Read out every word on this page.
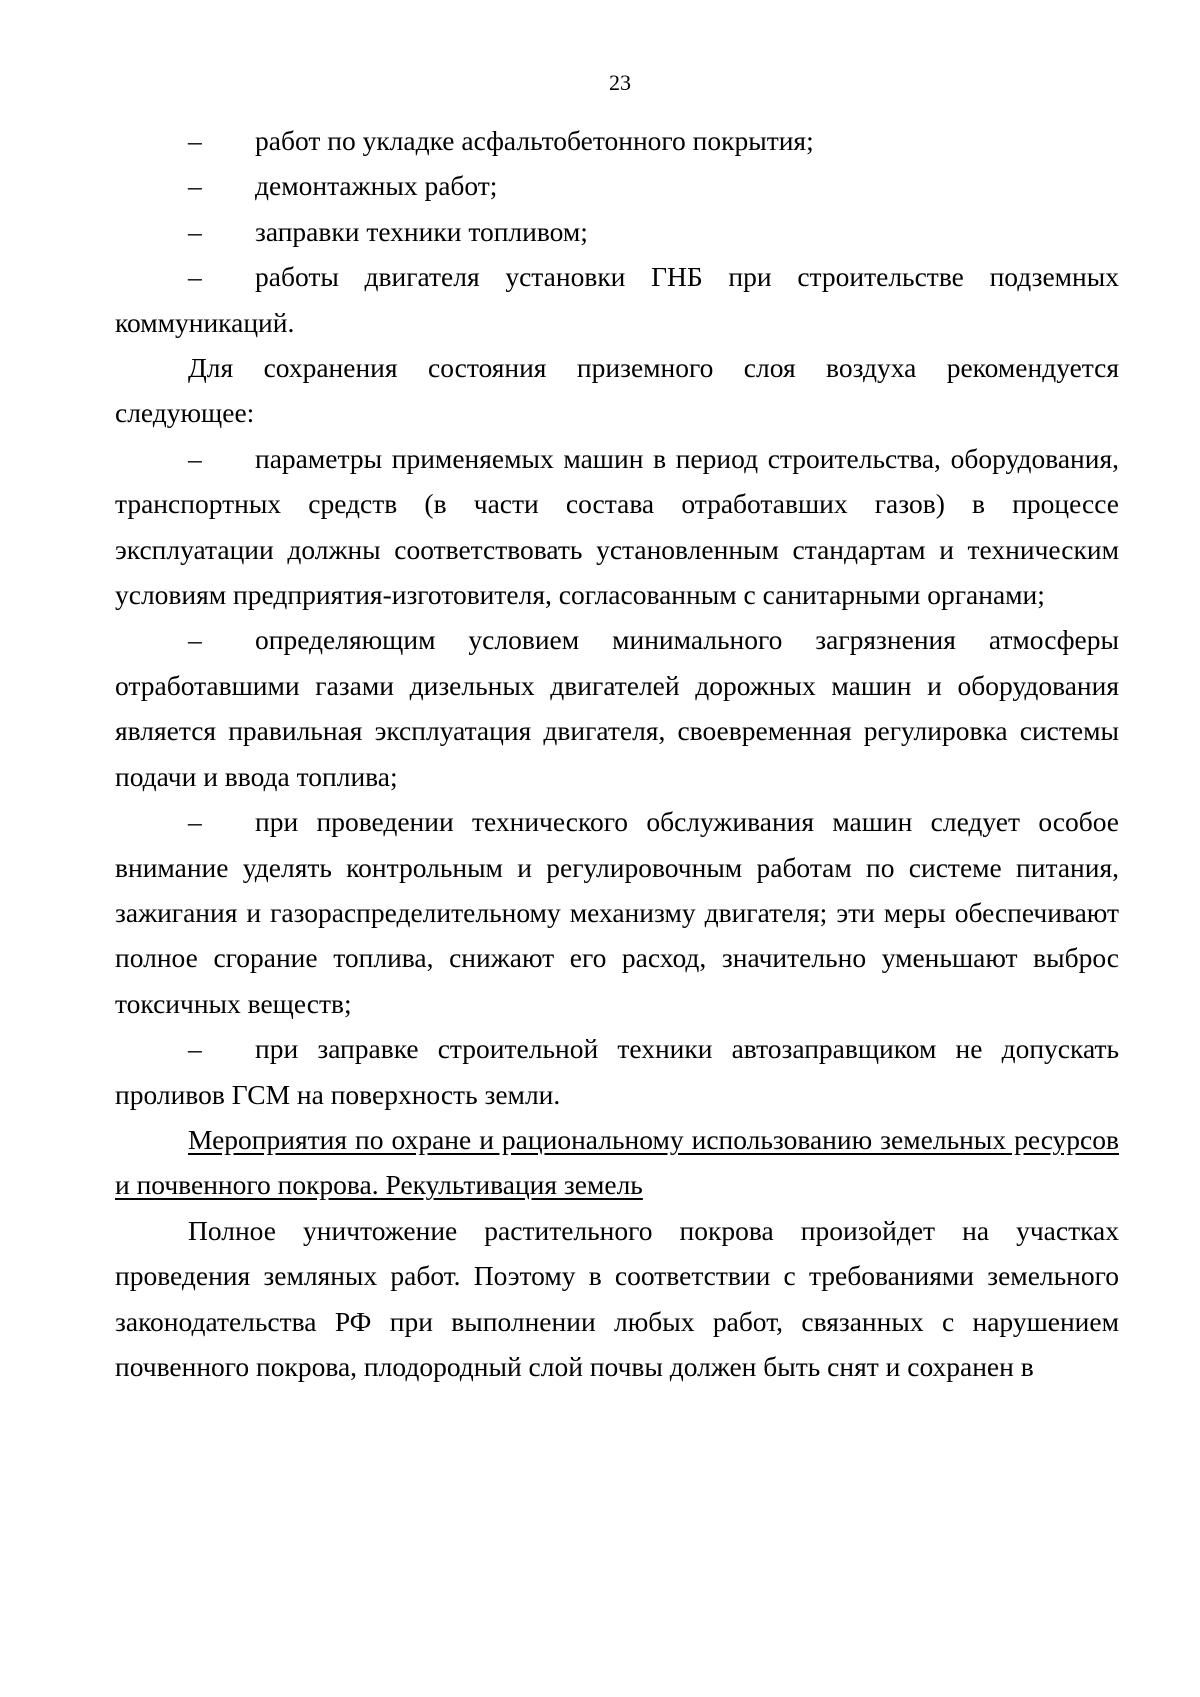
23
–	работ по укладке асфальтобетонного покрытия;
–	демонтажных работ;
–	заправки техники топливом;

– работы двигателя установки ГНБ при строительстве подземных коммуникаций.

Для сохранения состояния приземного слоя воздуха рекомендуется следующее:

– параметры применяемых машин в период строительства, оборудования, транспортных средств (в части состава отработавших газов) в процессе эксплуатации должны соответствовать установленным стандартам и техническим условиям предприятия-изготовителя, согласованным с санитарными органами;

– определяющим условием минимального загрязнения атмосферы отработавшими газами дизельных двигателей дорожных машин и оборудования является правильная эксплуатация двигателя, своевременная регулировка системы подачи и ввода топлива;

– при проведении технического обслуживания машин следует особое внимание уделять контрольным и регулировочным работам по системе питания, зажигания и газораспределительному механизму двигателя; эти меры обеспечивают полное сгорание топлива, снижают его расход, значительно уменьшают выброс токсичных веществ;

– при заправке строительной техники автозаправщиком не допускать проливов ГСМ на поверхность земли.

Мероприятия по охране и рациональному использованию земельных ресурсов и почвенного покрова. Рекультивация земель

Полное уничтожение растительного покрова произойдет на участках проведения земляных работ. Поэтому в соответствии с требованиями земельного законодательства РФ при выполнении любых работ, связанных с нарушением почвенного покрова, плодородный слой почвы должен быть снят и сохранен в
